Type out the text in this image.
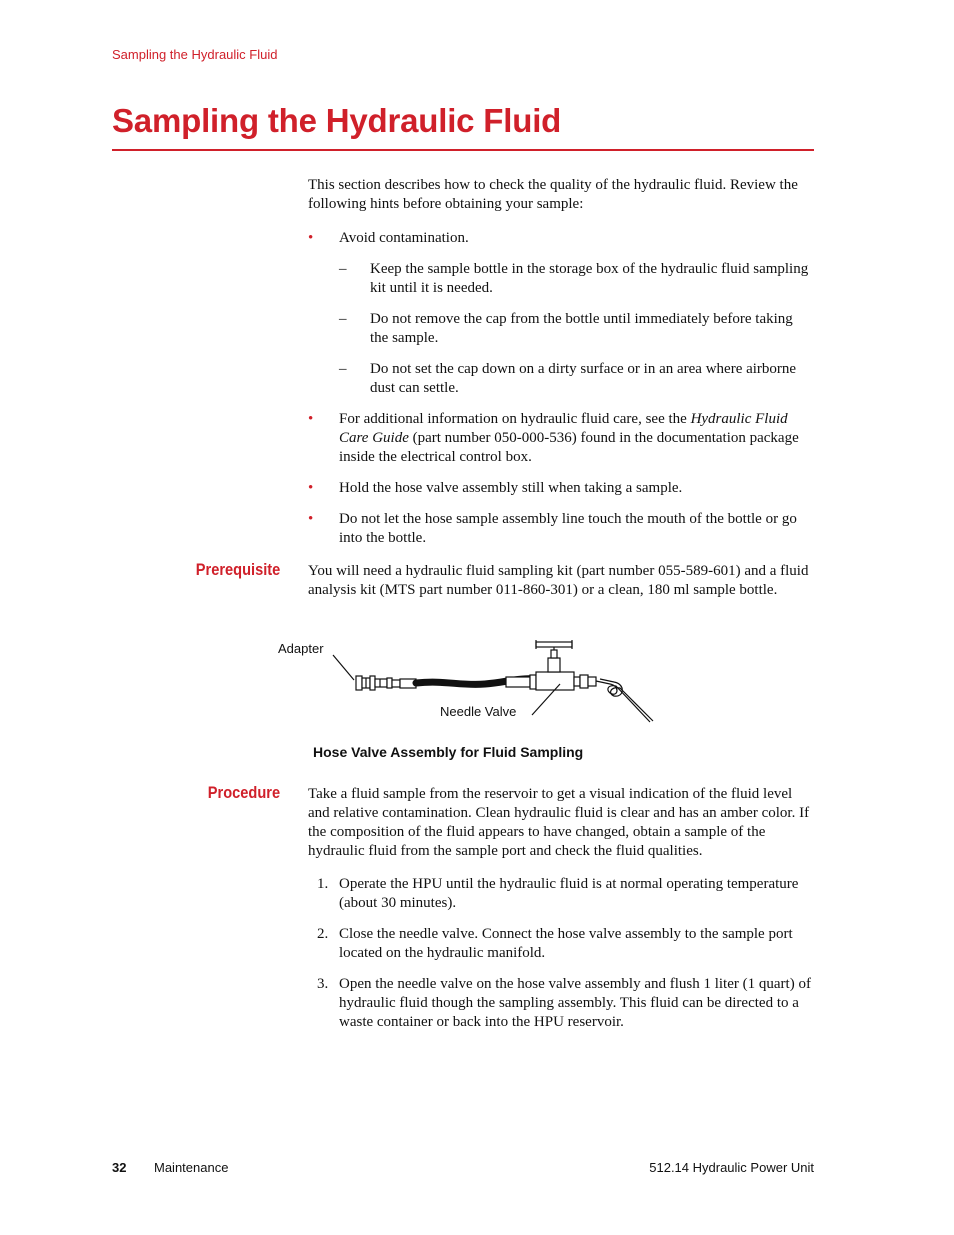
Sampling the Hydraulic Fluid
Sampling the Hydraulic Fluid

This section describes how to check the quality of the hydraulic fluid. Review the following hints before obtaining your sample:

• Avoid contamination.
– Keep the sample bottle in the storage box of the hydraulic fluid sampling kit until it is needed.
– Do not remove the cap from the bottle until immediately before taking the sample.
– Do not set the cap down on a dirty surface or in an area where airborne dust can settle.
• For additional information on hydraulic fluid care, see the Hydraulic Fluid Care Guide (part number 050-000-536) found in the documentation package inside the electrical control box.
• Hold the hose valve assembly still when taking a sample.
• Do not let the hose sample assembly line touch the mouth of the bottle or go into the bottle.
Prerequisite You will need a hydraulic fluid sampling kit (part number 055-589-601) and a fluid analysis kit (MTS part number 011-860-301) or a clean, 180 ml sample bottle.

Adapter
Needle Valve
Hose Valve Assembly for Fluid Sampling
Procedure Take a fluid sample from the reservoir to get a visual indication of the fluid level and relative contamination. Clean hydraulic fluid is clear and has an amber color. If the composition of the fluid appears to have changed, obtain a sample of the hydraulic fluid from the sample port and check the fluid qualities.

1. Operate the HPU until the hydraulic fluid is at normal operating temperature (about 30 minutes).
2. Close the needle valve. Connect the hose valve assembly to the sample port located on the hydraulic manifold.
3. Open the needle valve on the hose valve assembly and flush 1 liter (1 quart) of hydraulic fluid though the sampling assembly. This fluid can be directed to a waste container or back into the HPU reservoir.
32 Maintenance	512.14 Hydraulic Power Unit
